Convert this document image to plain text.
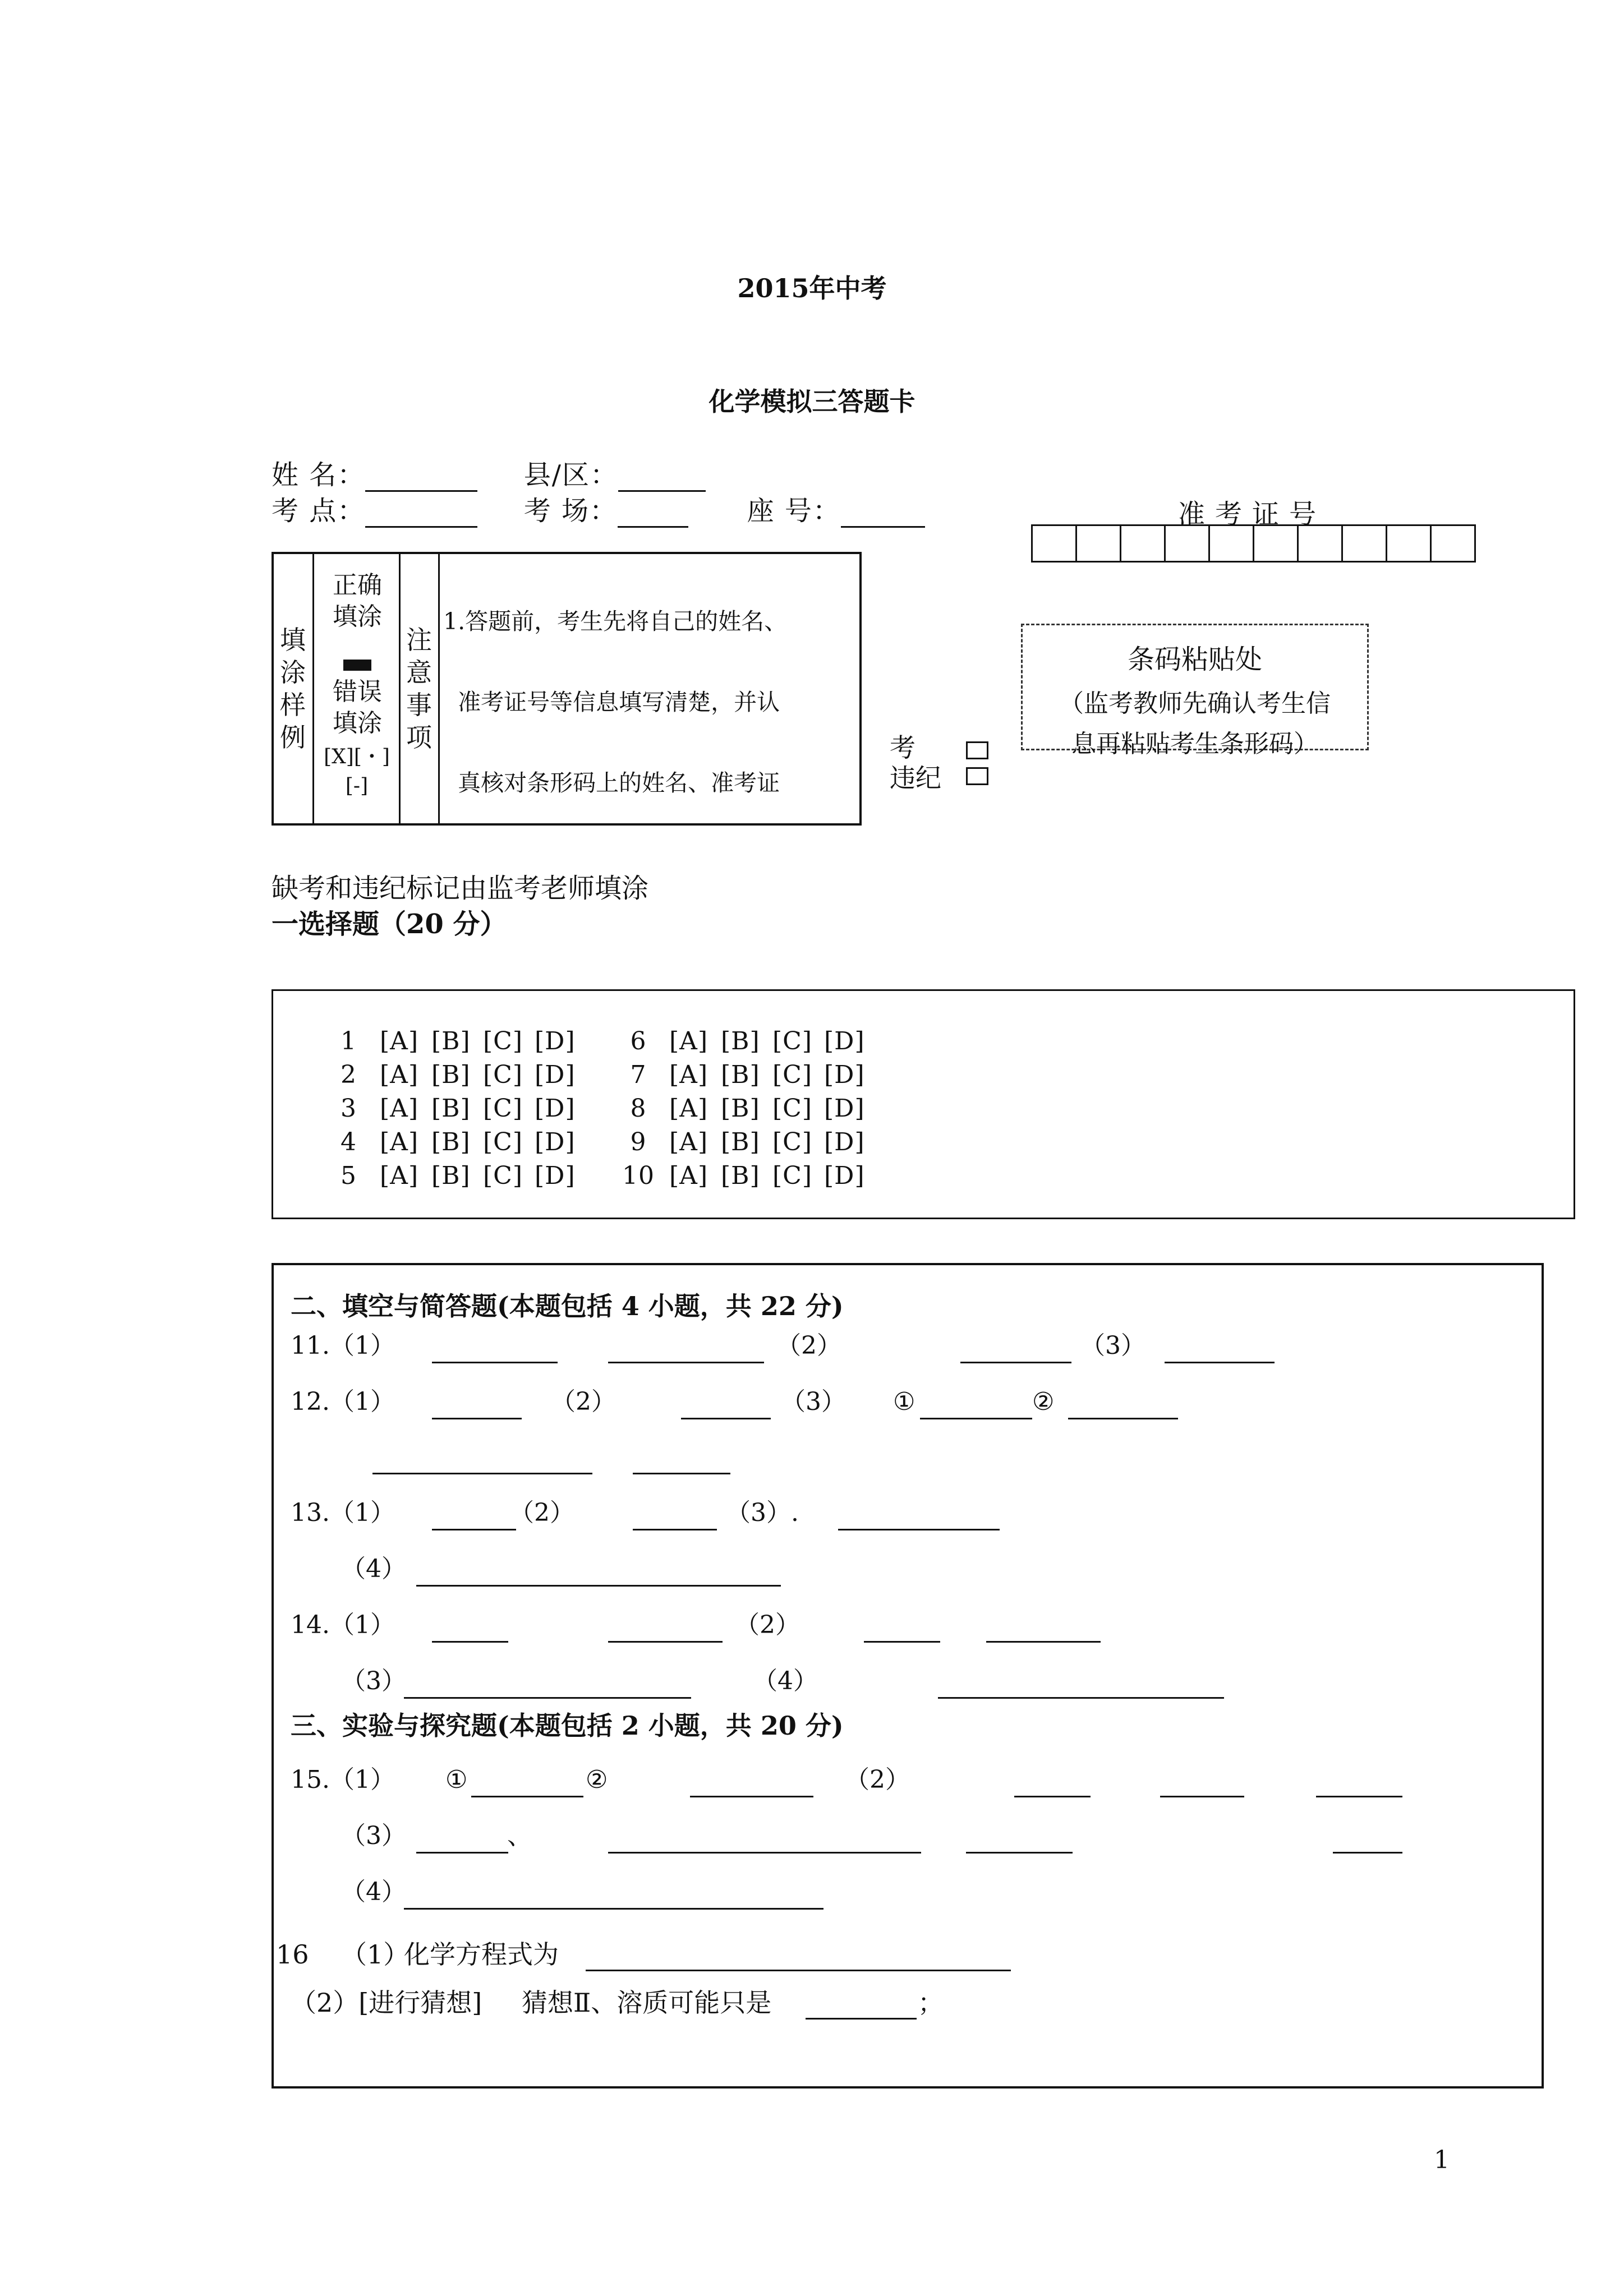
2015年中考
化学模拟三答题卡
姓 名：	县/区：
考 点：	考 场：	座 号：	准考证号
填涂样例
正确填涂
错误填涂
[X][・][-]
注意事项

1.答题前，考生先将自己的姓名、

准考证号等信息填写清楚，并认

真核对条形码上的姓名、准考证

条码粘贴处
（监考教师先确认考生信
息再粘贴考生条形码）
考
违纪
缺考和违纪标记由监考老师填涂
一选择题（20 分）
1 [A] [B] [C] [D]	6 [A] [B] [C] [D]
2 [A] [B] [C] [D]	7 [A] [B] [C] [D]
3 [A] [B] [C] [D]	8 [A] [B] [C] [D]
4 [A] [B] [C] [D]	9 [A] [B] [C] [D]
5 [A] [B] [C] [D]	10 [A] [B] [C] [D]
二、填空与简答题(本题包括 4 小题，共 22 分)
11. （1）	（2）	（3）
12. （1）	（2）	（3） ①	②
13. （1）	（2）	（3）.
（4）
14. （1）	（2）
（3）	（4）
三、实验与探究题(本题包括 2 小题，共 20 分)
15. （1） ①	②	（2）
（3）	、
（4）
16 （1）
化学方程式为
（2）[进行猜想] 猜想Ⅱ、溶质可能只是	；
1
